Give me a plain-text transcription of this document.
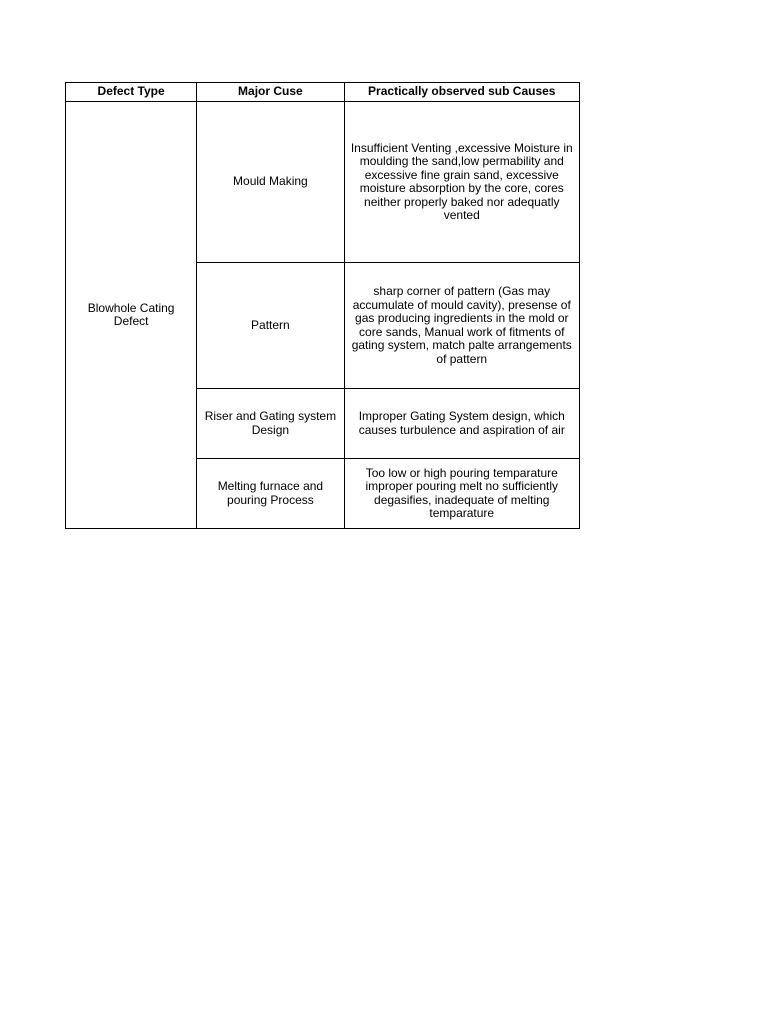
Defect Type	Major Cuse	Practically observed sub Causes

Blowhole Cating Defect	Mould Making	Insufficient Venting ,excessive Moisture in moulding the sand,low permability and excessive fine grain sand, excessive moisture absorption by the core, cores neither properly baked nor adequatly vented

	Pattern	sharp corner of pattern (Gas may accumulate of mould cavity), presense of gas producing ingredients in the mold or core sands, Manual work of fitments of gating system, match palte arrangements of pattern

	Riser and Gating system Design	Improper Gating System design, which causes turbulence and aspiration of air

	Melting furnace and pouring Process	Too low or high pouring temparature improper pouring melt no sufficiently degasifies, inadequate of melting temparature
